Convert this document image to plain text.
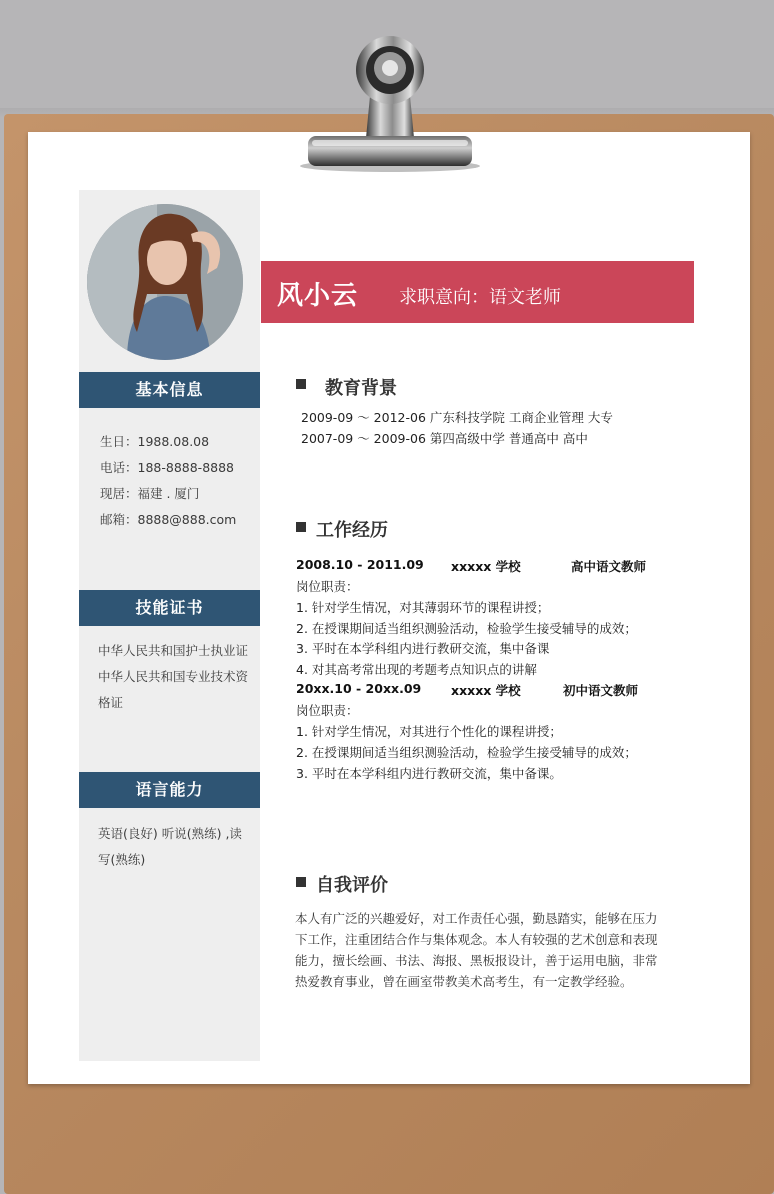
基本信息
生日：1988.08.08
电话：188-8888-8888
现居：福建 . 厦门
邮箱：8888@888.com
技能证书
中华人民共和国护士执业证中华人民共和国专业技术资格证
语言能力
英语(良好) 听说(熟练) ,读写(熟练)
风小云 求职意向：语文老师
教育背景
2009-09 ～ 2012-06 广东科技学院 工商企业管理 大专
2007-09 ～ 2009-06 第四高级中学 普通高中 高中
工作经历
2008.10 - 2011.09 xxxxx 学校	高中语文教师
岗位职责：
1. 针对学生情况，对其薄弱环节的课程讲授；
2. 在授课期间适当组织测验活动，检验学生接受辅导的成效；
3. 平时在本学科组内进行教研交流，集中备课
4. 对其高考常出现的考题考点知识点的讲解
20xx.10 - 20xx.09 xxxxx 学校	初中语文教师
岗位职责：
1. 针对学生情况，对其进行个性化的课程讲授；
2. 在授课期间适当组织测验活动，检验学生接受辅导的成效；
3. 平时在本学科组内进行教研交流，集中备课。
自我评价
本人有广泛的兴趣爱好，对工作责任心强，勤恳踏实，能够在压力下工作，注重团结合作与集体观念。本人有较强的艺术创意和表现能力，擅长绘画、书法、海报、黑板报设计，善于运用电脑，非常热爱教育事业，曾在画室带教美术高考生，有一定教学经验。
